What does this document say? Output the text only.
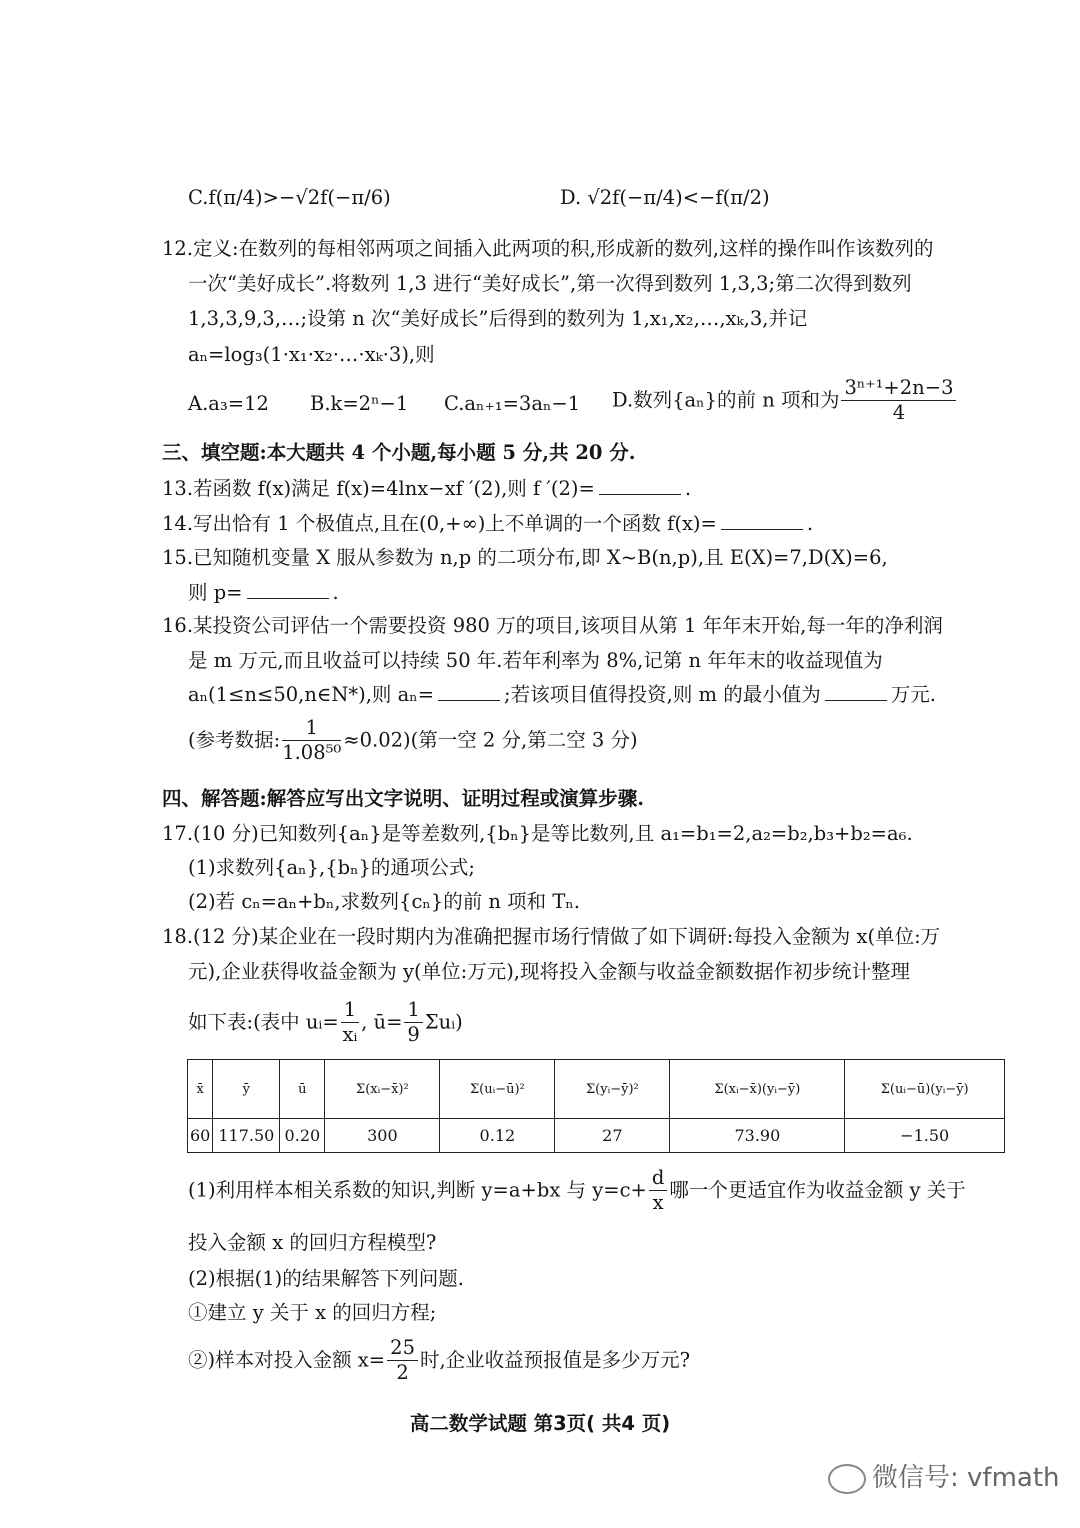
C.f(π/4)>−√2f(−π/6)	D. √2f(−π/4)<−f(π/2)
12.定义:在数列的每相邻两项之间插入此两项的积,形成新的数列,这样的操作叫作该数列的
一次“美好成长”.将数列 1,3 进行“美好成长”,第一次得到数列 1,3,3;第二次得到数列
1,3,3,9,3,…;设第 n 次“美好成长”后得到的数列为 1,x₁,x₂,…,xₖ,3,并记
aₙ=log₃(1·x₁·x₂·…·xₖ·3),则
A.a₃=12 B.k=2ⁿ−1 C.aₙ₊₁=3aₙ−1 D.数列{aₙ}的前 n 项和为 $\frac{\text{3ⁿ⁺¹+2n−3}}{4}$
三、填空题:本大题共 4 个小题,每小题 5 分,共 20 分.
13.若函数 f(x)满足 f(x)=4lnx−xf ′(2),则 f ′(2)=	.
14.写出恰有 1 个极值点,且在(0,+∞)上不单调的一个函数 f(x)=	.
15.已知随机变量 X 服从参数为 n,p 的二项分布,即 X~B(n,p),且 E(X)=7,D(X)=6,
则 p=	.
16.某投资公司评估一个需要投资 980 万的项目,该项目从第 1 年年末开始,每一年的净利润
是 m 万元,而且收益可以持续 50 年.若年利率为 8%,记第 n 年年末的收益现值为
aₙ(1≤n≤50,n∈N*),则 aₙ=	;若该项目值得投资,则 m 的最小值为	万元.
(参考数据: $\frac{1}{\text{1.08⁵⁰}} \approx 0.02$)(第一空 2 分,第二空 3 分)
四、解答题:解答应写出文字说明、证明过程或演算步骤.
17.(10 分)已知数列{aₙ}是等差数列,{bₙ}是等比数列,且 a₁=b₁=2,a₂=b₂,b₃+b₂=a₆.
(1)求数列{aₙ},{bₙ}的通项公式;
(2)若 cₙ=aₙ+bₙ,求数列{cₙ}的前 n 项和 Tₙ.
18.(12 分)某企业在一段时期内为准确把握市场行情做了如下调研:每投入金额为 x(单位:万
元),企业获得收益金额为 y(单位:万元),现将投入金额与收益金额数据作初步统计整理
如下表:(表中 uᵢ= $\frac{1}{\text{xᵢ}}$ , ū= $\frac{1}{9}$ Σuᵢ)
x̄	ȳ	ū	Σ(xᵢ−x̄)²	Σ(uᵢ−ū)²	Σ(yᵢ−ȳ)²	Σ(xᵢ−x̄)(yᵢ−ȳ)	Σ(uᵢ−ū)(yᵢ−ȳ)
60	117.50	0.20	300	0.12	27	73.90	−1.50
(1)利用样本相关系数的知识,判断 y=a+bx 与 $y=c+ \frac{d}{x}$ 哪一个更适宜作为收益金额 y 关于
投入金额 x 的回归方程模型?
(2)根据(1)的结果解答下列问题.
①建立 y 关于 x 的回归方程;
②)样本对投入金额 $x= \frac{25}{2}$ 时,企业收益预报值是多少万元?
高二数学试题 第3页( 共4 页)
微信号: vfmath
